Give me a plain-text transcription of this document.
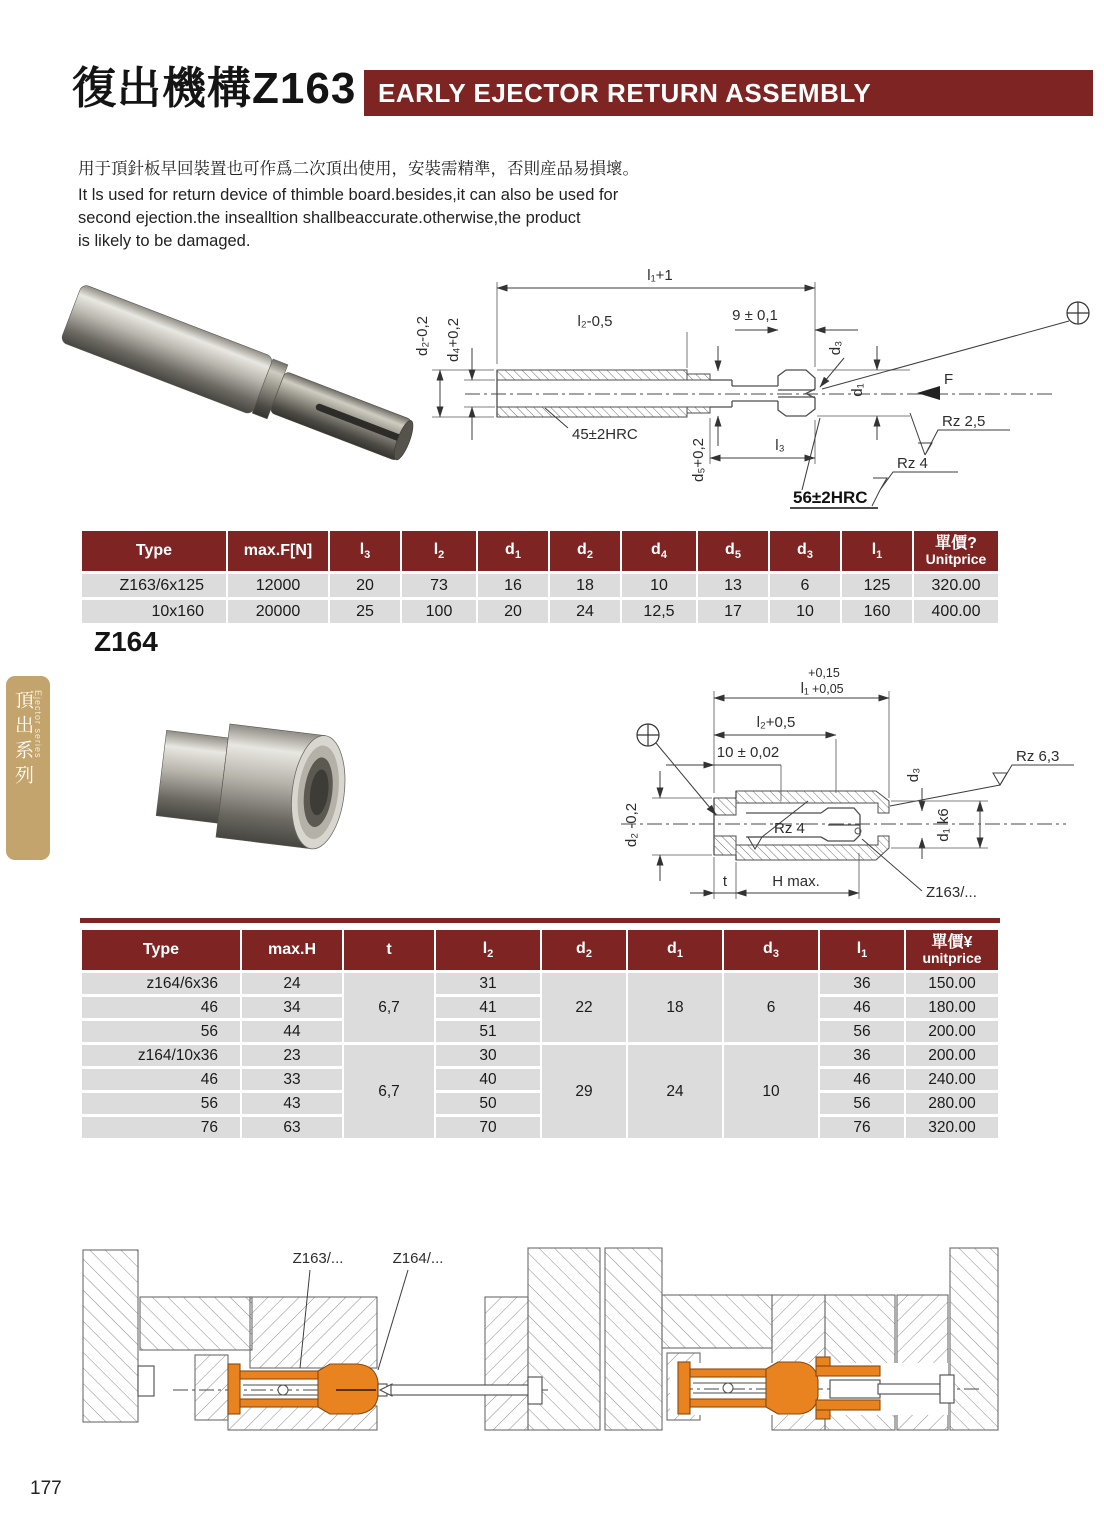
復出機構Z163 EARLY EJECTOR RETURN ASSEMBLY
用于頂針板早回裝置也可作爲二次頂出使用，安裝需精準，否則産品易損壞。
It ls used for return device of thimble board.besides,it can also be used for
second ejection.the insealltion shallbeaccurate.otherwise,the product
is likely to be damaged.
l₁+1
l₂-0,5	9 ± 0,1
d₂-0,2 d₄+0,2
45±2HRC
d₅+0,2	l₃
56±2HRC
d₁
F
Rz 2,5
Rz 4
d₃
Type	max.F[N]	$l_3$	$l_2$	$d_1$	$d_2$	$d_4$	$d_5$	$d_3$	$l_1$	單價?
Unitprice

Z163/6x125	12000	20	73	16	18	10	13	6	125	320.00
10x160	20000	25	100	20	24	12,5	17	10	160	400.00
Z164
頂出系列 Ejector series
+0,15
l₁ +0,05
l₂+0,5
10 ± 0,02
d₂ -0,2	Rz 4
Rz 6,3
d₃
d₁ k6
t	H max.
Z163/...
Type	max.H	t	$l_2$	$d_2$	$d_1$	$d_3$	$l_1$	單價¥
unitprice

z164/6x36	24	6,7	31	22	18	6	36	150.00
46	34		41				46	180.00
56	44		51				56	200.00
z164/10x36	23	6,7	30	29	24	10	36	200.00
46	33		40				46	240.00
56	43		50				56	280.00
76	63		70				76	320.00
Z163/...	Z164/...
177
